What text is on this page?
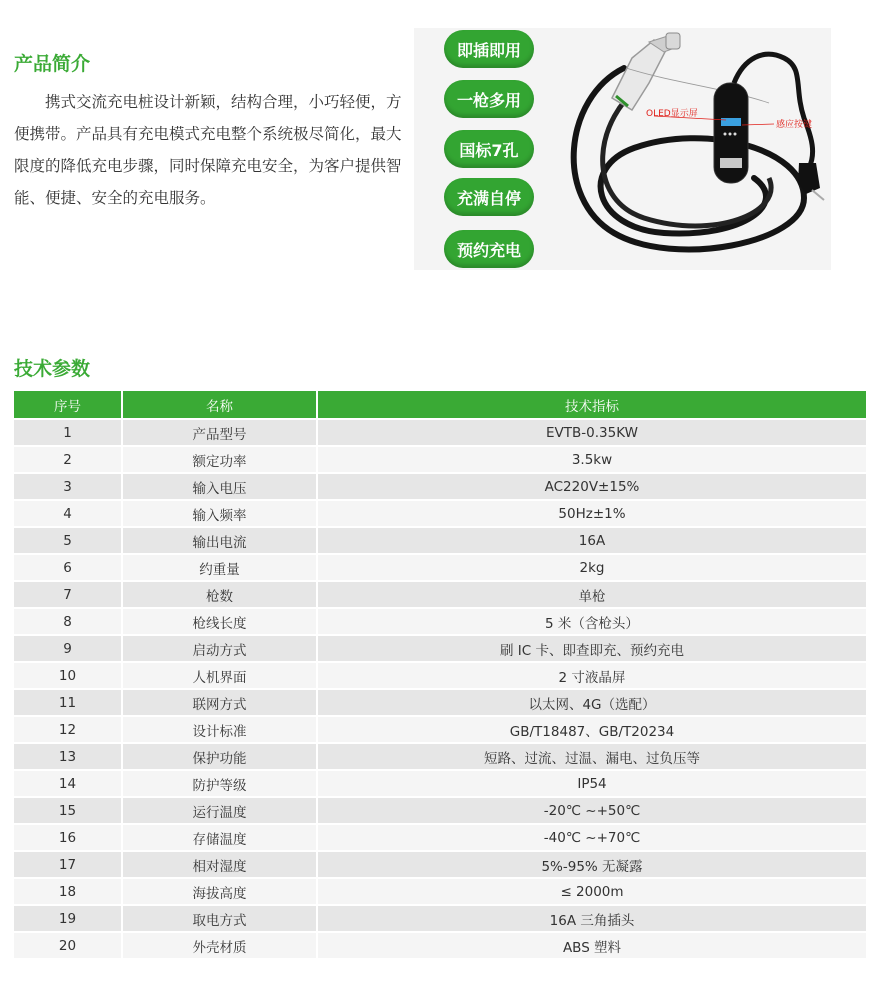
产品简介

携式交流充电桩设计新颖，结构合理，小巧轻便，方便携带。产品具有充电模式充电整个系统极尽简化，最大限度的降低充电步骤，同时保障充电安全，为客户提供智能、便捷、安全的充电服务。

即插即用
一枪多用
国标7孔
充满自停
预约充电
OLED显示屏
感应按键
技术参数
序号	名称	技术指标
1	产品型号	EVTB-0.35KW
2	额定功率	3.5kw
3	输入电压	AC220V±15%
4	输入频率	50Hz±1%
5	输出电流	16A
6	约重量	2kg
7	枪数	单枪
8	枪线长度	5 米（含枪头）
9	启动方式	刷 IC 卡、即查即充、预约充电
10	人机界面	2 寸液晶屏
11	联网方式	以太网、4G（选配）
12	设计标准	GB/T18487、GB/T20234
13	保护功能	短路、过流、过温、漏电、过负压等
14	防护等级	IP54
15	运行温度	-20℃ ~+50℃
16	存储温度	-40℃ ~+70℃
17	相对湿度	5%-95% 无凝露
18	海拔高度	≤ 2000m
19	取电方式	16A 三角插头
20	外壳材质	ABS 塑料
